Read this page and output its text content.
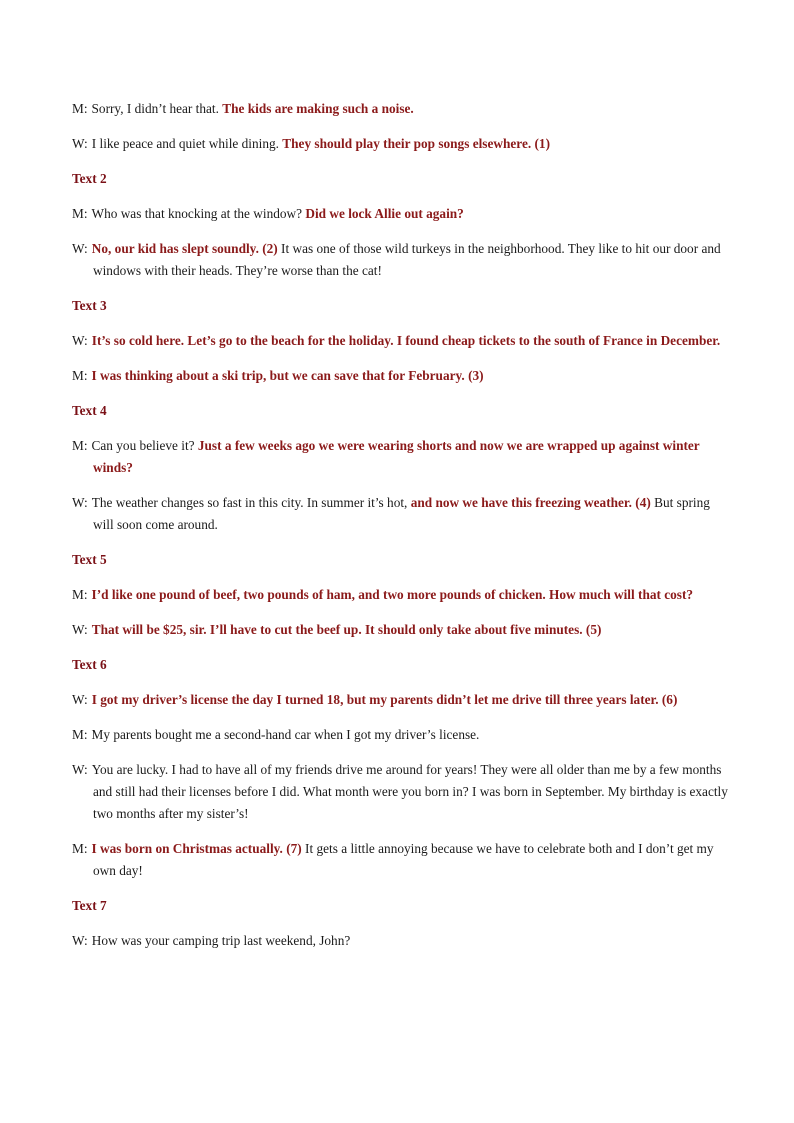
M: Sorry, I didn’t hear that. The kids are making such a noise.
W: I like peace and quiet while dining. They should play their pop songs elsewhere. (1)
Text 2
M: Who was that knocking at the window? Did we lock Allie out again?
W: No, our kid has slept soundly. (2) It was one of those wild turkeys in the neighborhood. They like to hit our door and windows with their heads. They’re worse than the cat!
Text 3
W: It’s so cold here. Let’s go to the beach for the holiday. I found cheap tickets to the south of France in December.
M: I was thinking about a ski trip, but we can save that for February. (3)
Text 4
M: Can you believe it? Just a few weeks ago we were wearing shorts and now we are wrapped up against winter winds?
W: The weather changes so fast in this city. In summer it’s hot, and now we have this freezing weather. (4) But spring will soon come around.
Text 5
M: I’d like one pound of beef, two pounds of ham, and two more pounds of chicken. How much will that cost?
W: That will be $25, sir. I’ll have to cut the beef up. It should only take about five minutes. (5)
Text 6
W: I got my driver’s license the day I turned 18, but my parents didn’t let me drive till three years later. (6)
M: My parents bought me a second-hand car when I got my driver’s license.
W: You are lucky. I had to have all of my friends drive me around for years! They were all older than me by a few months and still had their licenses before I did. What month were you born in? I was born in September. My birthday is exactly two months after my sister’s!
M: I was born on Christmas actually. (7) It gets a little annoying because we have to celebrate both and I don’t get my own day!
Text 7
W: How was your camping trip last weekend, John?
